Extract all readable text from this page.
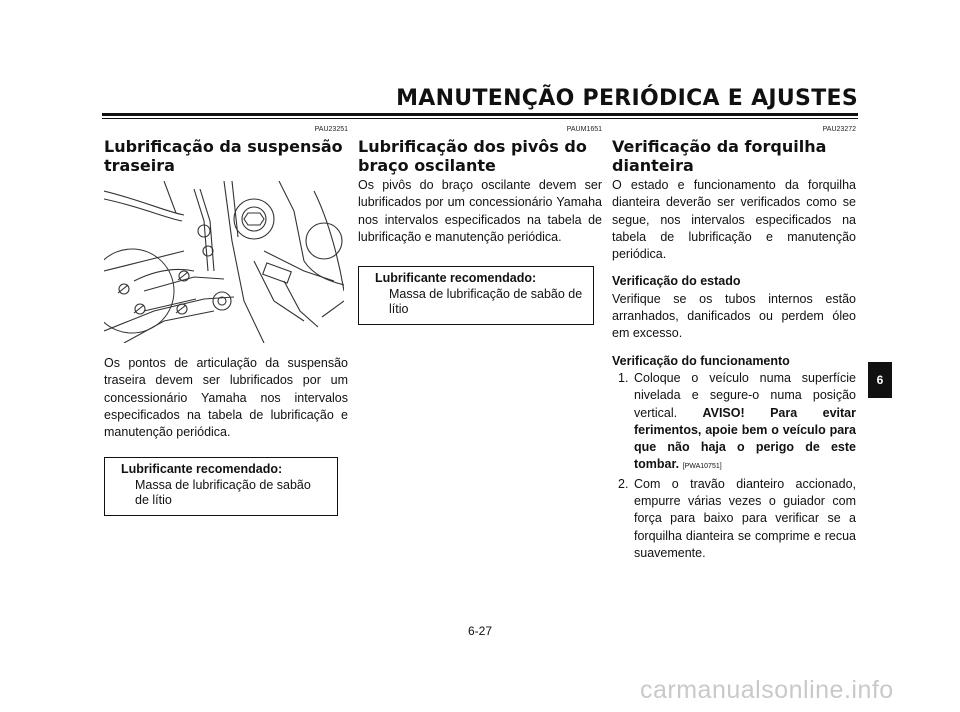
MANUTENÇÃO PERIÓDICA E AJUSTES
PAU23251
Lubrificação da suspensão traseira

Os pontos de articulação da suspensão traseira devem ser lubrificados por um concessionário Yamaha nos intervalos especificados na tabela de lubrificação e manutenção periódica.

Lubrificante recomendado:
Massa de lubrificação de sabão de lítio
PAUM1651
Lubrificação dos pivôs do braço oscilante

Os pivôs do braço oscilante devem ser lubrificados por um concessionário Yamaha nos intervalos especificados na tabela de lubrificação e manutenção periódica.

Lubrificante recomendado:
Massa de lubrificação de sabão de lítio
PAU23272
Verificação da forquilha dianteira

O estado e funcionamento da forquilha dianteira deverão ser verificados como se segue, nos intervalos especificados na tabela de lubrificação e manutenção periódica.

Verificação do estado

Verifique se os tubos internos estão arranhados, danificados ou perdem óleo em excesso.

Verificação do funcionamento
1. Coloque o veículo numa superfície nivelada e segure-o numa posição vertical. AVISO! Para evitar ferimentos, apoie bem o veículo para que não haja o perigo de este tombar. [PWA10751]
2. Com o travão dianteiro accionado, empurre várias vezes o guiador com força para baixo para verificar se a forquilha dianteira se comprime e recua suavemente.
6
6-27
carmanualsonline.info
